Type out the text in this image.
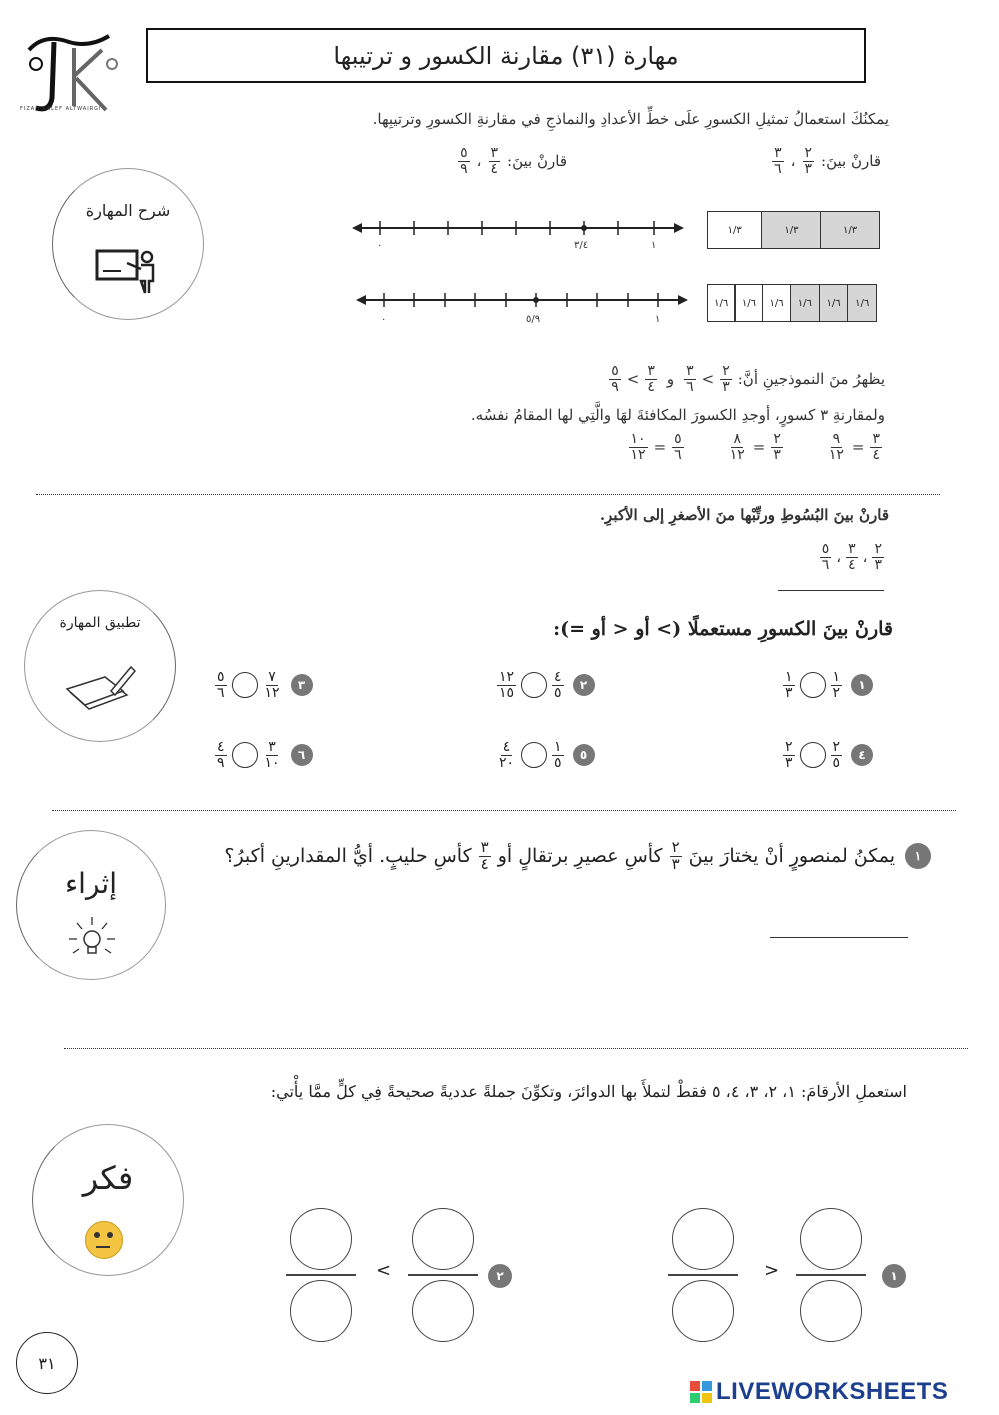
FIZAH KALEF ALTWAIRGI
مهارة (٣١) مقارنة الكسور و ترتيبها
يمكنُكَ استعمالُ تمثيلِ الكسورِ علَى خطِّ الأعدادِ والنماذجِ في مقارنةِ الكسورِ وترتيبِها.
قارنْ بينَ:
$\frac{٢}{٣}$
،
$\frac{٣}{٦}$
قارنْ بينَ:
$\frac{٣}{٤}$
،
$\frac{٥}{٩}$
شرح المهارة
١/٣	١/٣	١/٣
١/٦	١/٦	١/٦	١/٦	١/٦	١/٦
٠	٣/٤	١
٠	٥/٩	١
يظهرُ منَ النموذجينِ أنَّ:
$\frac{٢}{٣}$
>
$\frac{٣}{٦}$
و
$\frac{٣}{٤}$
>
$\frac{٥}{٩}$
ولمقارنةِ ٣ كسورٍ، أوجدِ الكسورَ المكافئةَ لهَا والَّتِي لها المقامُ نفسُه.
$\frac{٣}{٤}$
=
$\frac{٩}{١٢}$
$\frac{٢}{٣}$
=
$\frac{٨}{١٢}$
$\frac{٥}{٦}$
=
$\frac{١٠}{١٢}$
قارنْ بينَ البُسُوطِ ورتِّبْها منَ الأصغرِ إلى الأكبرِ.
$\frac{٢}{٣}$
،
$\frac{٣}{٤}$
،
$\frac{٥}{٦}$
تطبيق المهارة	قارنْ بينَ الكسورِ مستعملًا (> أو < أو =):
$\frac{١}{٣}$	$\frac{١}{٢}$	١
$\frac{١٢}{١٥}$	$\frac{٤}{٥}$	٢
$\frac{٥}{٦}$	$\frac{٧}{١٢}$	٣
$\frac{٢}{٣}$	$\frac{٢}{٥}$	٤
$\frac{٤}{٢٠}$	$\frac{١}{٥}$	٥
$\frac{٤}{٩}$	$\frac{٣}{١٠}$	٦
إثراء
١
يمكنُ لمنصورٍ أنْ يختارَ بينَ
$\frac{٢}{٣}$
كأسِ عصيرِ برتقالٍ أو
$\frac{٣}{٤}$
كأسِ حليبٍ. أيُّ المقدارينِ أكبرُ؟
استعملِ الأرقامَ: ١، ٢، ٣، ٤، ٥ فقطْ لتملأَ بها الدوائرَ، وتكوِّنَ جملةً عدديةً صحيحةً فِي كلٍّ ممَّا يأْتي:
فكر
>	١
<	٢
٣١
LIVEWORKSHEETS
